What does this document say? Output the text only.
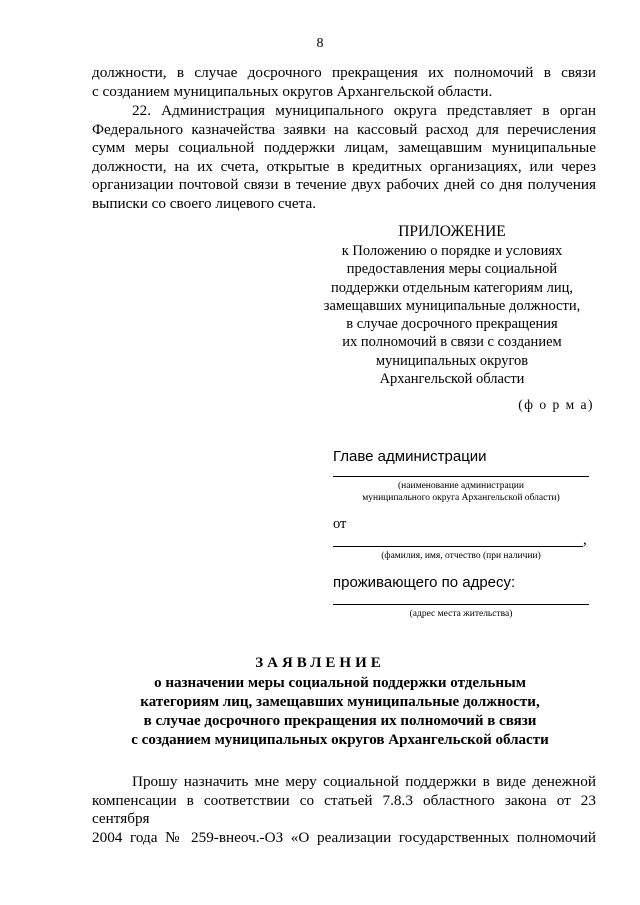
8
должности, в случае досрочного прекращения их полномочий в связи
с созданием муниципальных округов Архангельской области.
22. Администрация муниципального округа представляет в орган
Федерального казначейства заявки на кассовый расход для перечисления
сумм меры социальной поддержки лицам, замещавшим муниципальные
должности, на их счета, открытые в кредитных организациях, или через
организации почтовой связи в течение двух рабочих дней со дня получения
выписки со своего лицевого счета.
ПРИЛОЖЕНИЕ
к Положению о порядке и условиях
предоставления меры социальной
поддержки отдельным категориям лиц,
замещавших муниципальные должности,
в случае досрочного прекращения
их полномочий в связи с созданием
муниципальных округов
Архангельской области
(ф о р м а)
Главе администрации
(наименование администрации
муниципального округа Архангельской области)
от
,
(фамилия, имя, отчество (при наличии)
проживающего по адресу:
(адрес места жительства)
ЗАЯВЛЕНИЕ
о назначении меры социальной поддержки отдельным
категориям лиц, замещавших муниципальные должности,
в случае досрочного прекращения их полномочий в связи
с созданием муниципальных округов Архангельской области
Прошу назначить мне меру социальной поддержки в виде денежной
компенсации в соответствии со статьей 7.8.3 областного закона от 23 сентября
2004 года № 259-внеоч.-ОЗ «О реализации государственных полномочий
